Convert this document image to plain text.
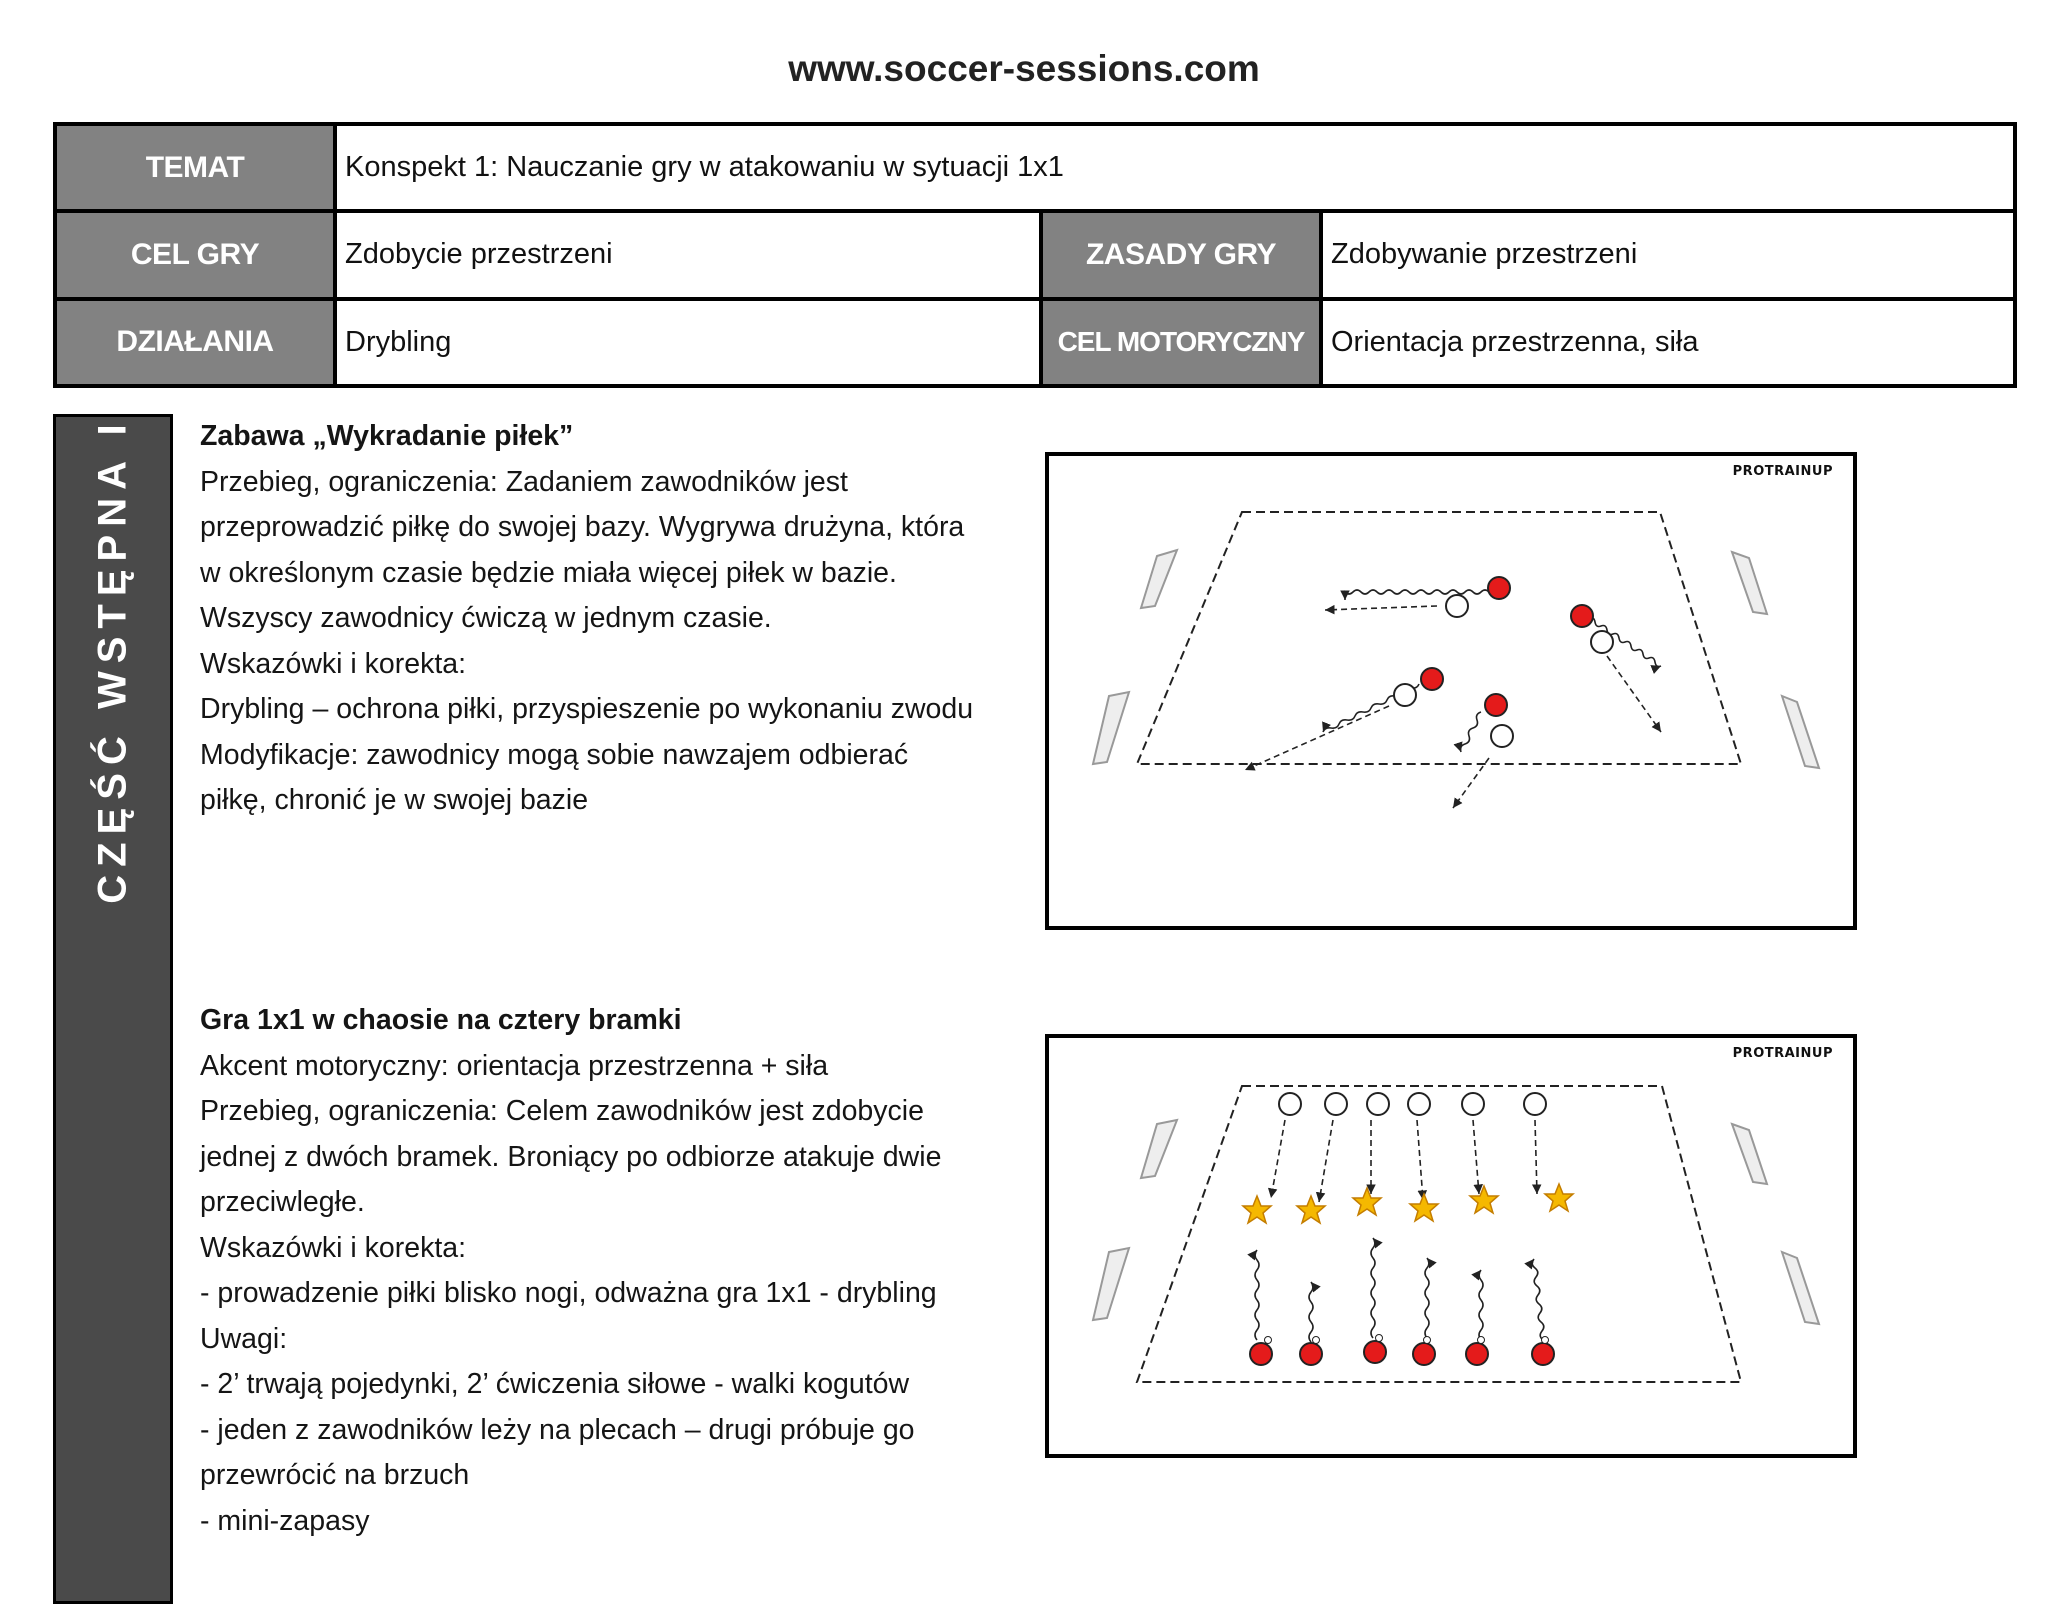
www.soccer-sessions.com
TEMAT	Konspekt 1: Nauczanie gry w atakowaniu w sytuacji 1x1		
CEL GRY	Zdobycie przestrzeni	ZASADY GRY	Zdobywanie przestrzeni
DZIAŁANIA	Drybling	CEL MOTORYCZNY	Orientacja przestrzenna, siła
CZĘŚĆ WSTĘPNA I Zabawa „Wykradanie piłek”

Przebieg, ograniczenia: Zadaniem zawodników jest

przeprowadzić piłkę do swojej bazy. Wygrywa drużyna, która

w określonym czasie będzie miała więcej piłek w bazie.

Wszyscy zawodnicy ćwiczą w jednym czasie.

Wskazówki i korekta:

Drybling – ochrona piłki, przyspieszenie po wykonaniu zwodu

Modyfikacje: zawodnicy mogą sobie nawzajem odbierać

piłkę, chronić je w swojej bazie

Gra 1x1 w chaosie na cztery bramki

Akcent motoryczny: orientacja przestrzenna + siła

Przebieg, ograniczenia: Celem zawodników jest zdobycie

jednej z dwóch bramek. Broniący po odbiorze atakuje dwie

przeciwległe.

Wskazówki i korekta:

- prowadzenie piłki blisko nogi, odważna gra 1x1 - drybling

Uwagi:

- 2’ trwają pojedynki, 2’ ćwiczenia siłowe - walki kogutów

- jeden z zawodników leży na plecach – drugi próbuje go

przewrócić na brzuch

- mini-zapasy

PROTRAINUP
PROTRAINUP
